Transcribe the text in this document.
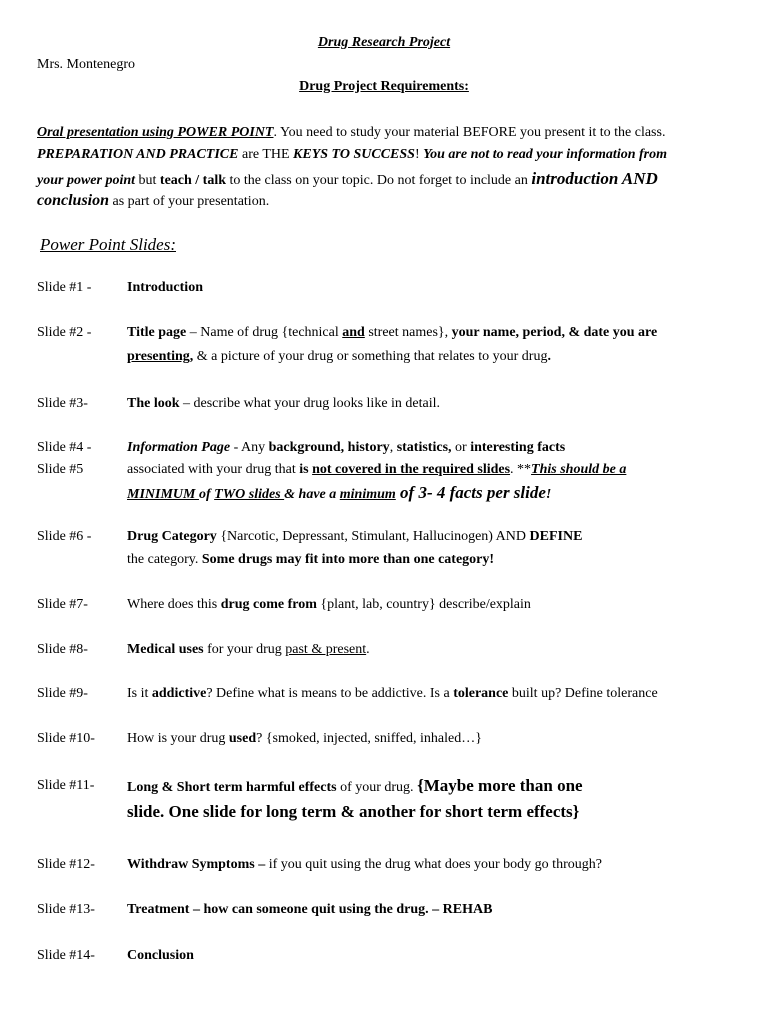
Drug Research Project
Mrs. Montenegro
Drug Project Requirements:
Oral presentation using POWER POINT. You need to study your material BEFORE you present it to the class.
PREPARATION AND PRACTICE are THE KEYS TO SUCCESS! You are not to read your information from
your power point but teach / talk to the class on your topic. Do not forget to include an introduction AND
conclusion as part of your presentation.
Power Point Slides:
Slide #1 -	Introduction
Slide #2 -	Title page – Name of drug {technical and street names}, your name, period, & date you are
presenting, & a picture of your drug or something that relates to your drug.
Slide #3-	The look – describe what your drug looks like in detail.
Slide #4 -
Slide #5
Information Page - Any background, history, statistics, or interesting facts
associated with your drug that is not covered in the required slides. **This should be a
MINIMUM of TWO slides & have a minimum of 3- 4 facts per slide!
Slide #6 -	Drug Category {Narcotic, Depressant, Stimulant, Hallucinogen) AND DEFINE
the category. Some drugs may fit into more than one category!
Slide #7-	Where does this drug come from {plant, lab, country} describe/explain
Slide #8-	Medical uses for your drug past & present.
Slide #9-	Is it addictive? Define what is means to be addictive. Is a tolerance built up? Define tolerance
Slide #10- How is your drug used? {smoked, injected, sniffed, inhaled…}
Slide #11- Long & Short term harmful effects of your drug. {Maybe more than one
slide. One slide for long term & another for short term effects}
Slide #12- Withdraw Symptoms – if you quit using the drug what does your body go through?
Slide #13- Treatment – how can someone quit using the drug. – REHAB
Slide #14- Conclusion
